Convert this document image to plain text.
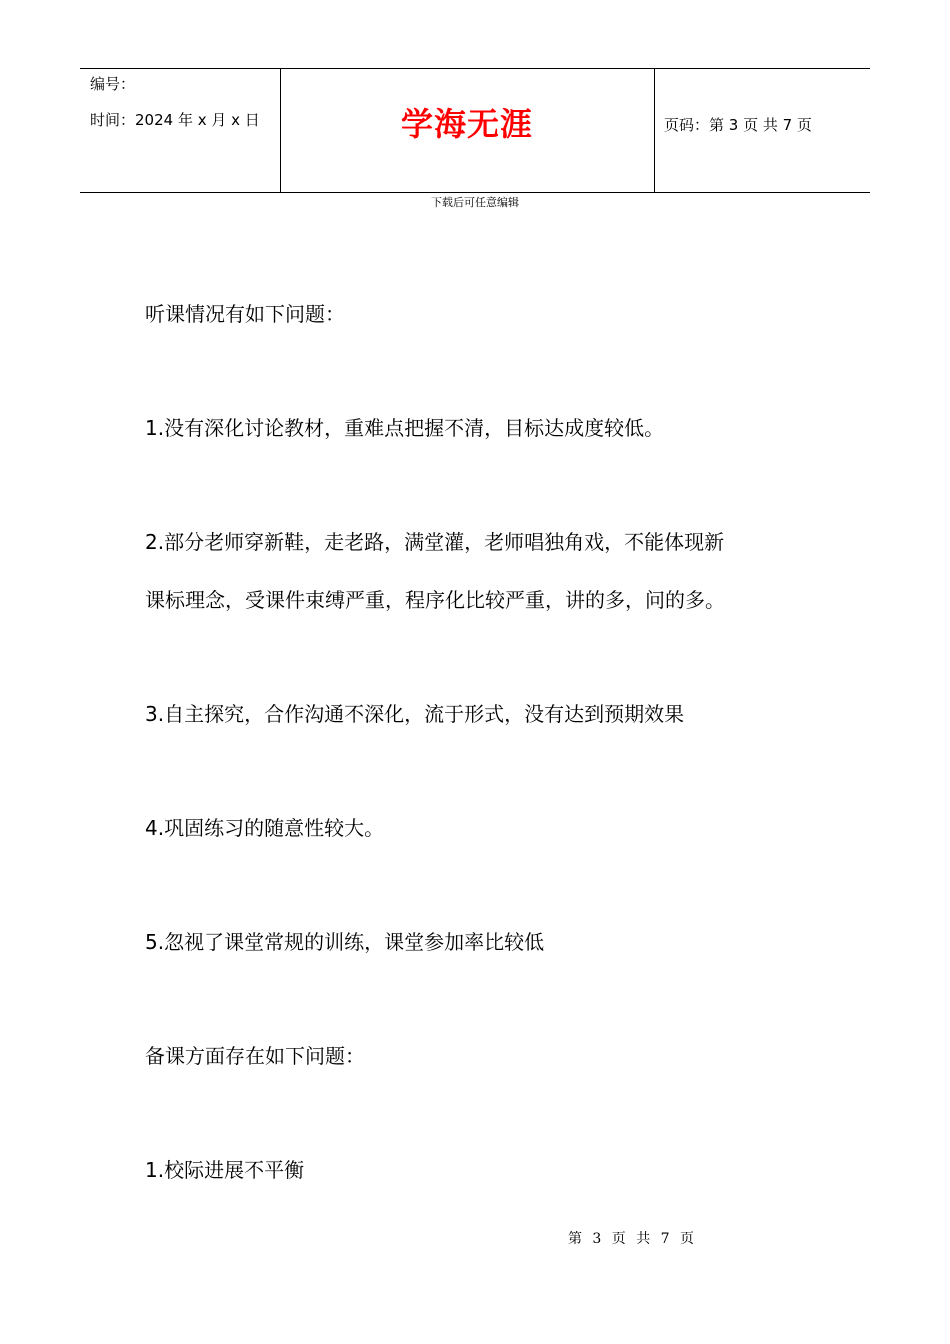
编号：
时间：2024 年 x 月 x 日	学海无涯	页码：第 3 页 共 7 页
下载后可任意编辑
听课情况有如下问题：
1.没有深化讨论教材，重难点把握不清，目标达成度较低。
2.部分老师穿新鞋，走老路，满堂灌，老师唱独角戏，不能体现新
课标理念，受课件束缚严重，程序化比较严重，讲的多，问的多。
3.自主探究，合作沟通不深化，流于形式，没有达到预期效果
4.巩固练习的随意性较大。
5.忽视了课堂常规的训练，课堂参加率比较低
备课方面存在如下问题：
1.校际进展不平衡
第 3 页 共 7 页
